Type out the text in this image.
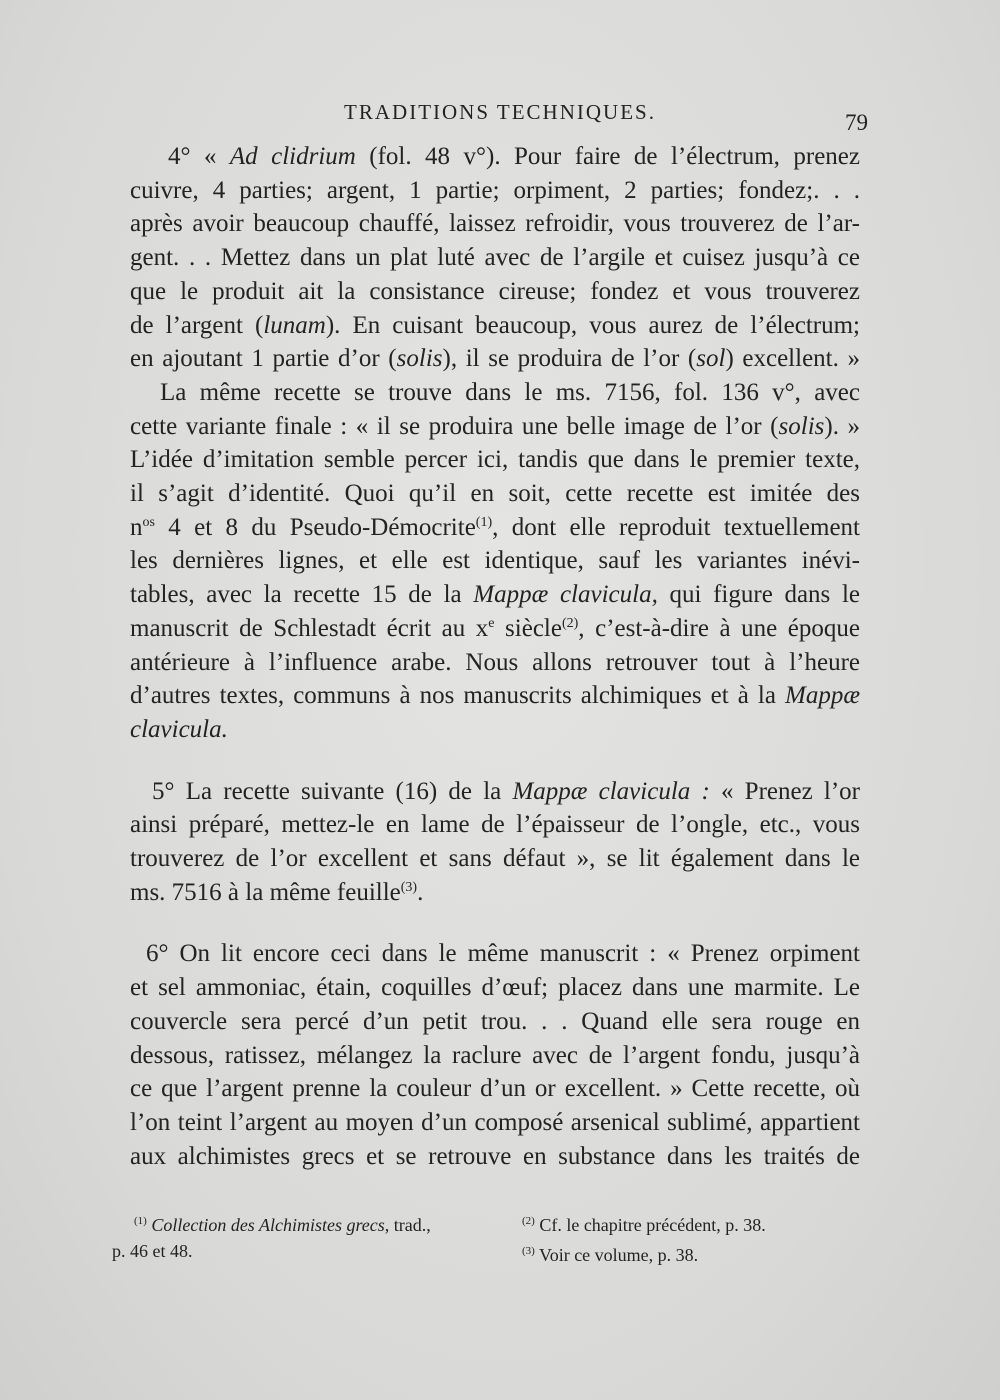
TRADITIONS TECHNIQUES.	79
4° « Ad clidrium (fol. 48 v°). Pour faire de l’électrum, prenez
cuivre, 4 parties; argent, 1 partie; orpiment, 2 parties; fondez;. . .
après avoir beaucoup chauffé, laissez refroidir, vous trouverez de l’ar-
gent. . . Mettez dans un plat luté avec de l’argile et cuisez jusqu’à ce
que le produit ait la consistance cireuse; fondez et vous trouverez
de l’argent (lunam). En cuisant beaucoup, vous aurez de l’électrum;
en ajoutant 1 partie d’or (solis), il se produira de l’or (sol) excellent. »
La même recette se trouve dans le ms. 7156, fol. 136 v°, avec
cette variante finale : « il se produira une belle image de l’or (solis). »
L’idée d’imitation semble percer ici, tandis que dans le premier texte,
il s’agit d’identité. Quoi qu’il en soit, cette recette est imitée des
$n^{os}$ 4 et 8 du Pseudo-Démocrite$^{(1)}$, dont elle reproduit textuellement
les dernières lignes, et elle est identique, sauf les variantes inévi-
tables, avec la recette 15 de la Mappæ clavicula, qui figure dans le
manuscrit de Schlestadt écrit au $x^e$ siècle$^{(2)}$, c’est-à-dire à une époque
antérieure à l’influence arabe. Nous allons retrouver tout à l’heure
d’autres textes, communs à nos manuscrits alchimiques et à la Mappæ
clavicula.
5° La recette suivante (16) de la Mappæ clavicula : « Prenez l’or
ainsi préparé, mettez-le en lame de l’épaisseur de l’ongle, etc., vous
trouverez de l’or excellent et sans défaut », se lit également dans le
ms. 7516 à la même feuille$^{(3)}$.
6° On lit encore ceci dans le même manuscrit : « Prenez orpiment
et sel ammoniac, étain, coquilles d’œuf; placez dans une marmite. Le
couvercle sera percé d’un petit trou. . . Quand elle sera rouge en
dessous, ratissez, mélangez la raclure avec de l’argent fondu, jusqu’à
ce que l’argent prenne la couleur d’un or excellent. » Cette recette, où
l’on teint l’argent au moyen d’un composé arsenical sublimé, appartient
aux alchimistes grecs et se retrouve en substance dans les traités de
$^{(1)}$ Collection des Alchimistes grecs, trad.,
p. 46 et 48.
$^{(2)}$ Cf. le chapitre précédent, p. 38.
$^{(3)}$ Voir ce volume, p. 38.
